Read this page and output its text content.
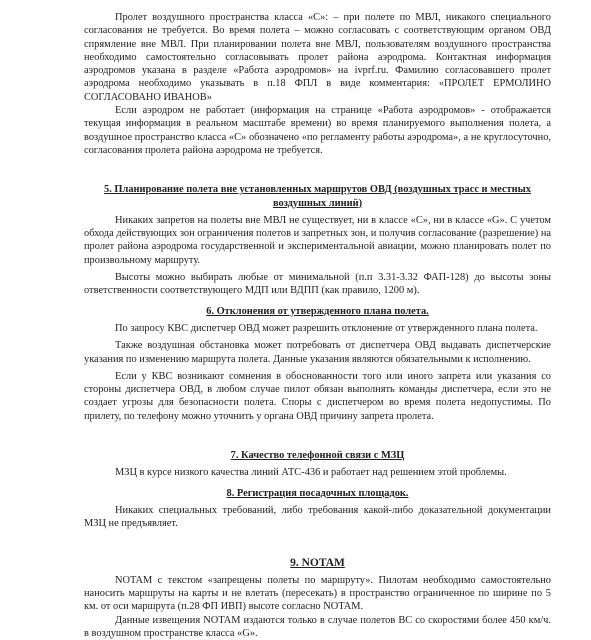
Пролет воздушного пространства класса «С»: – при полете по МВЛ, никакого специального согласования не требуется. Во время полета – можно согласовать с соответствующим органом ОВД спрямление вне МВЛ. При планировании полета вне МВЛ, пользователям воздушного пространства необходимо самостоятельно согласовывать пролет района аэродрома. Контактная информация аэродромов указана в разделе «Работа аэродромов» на ivprf.ru. Фамилию согласовавшего пролет аэродрома необходимо указывать в п.18 ФПЛ в виде комментария: «ПРОЛЕТ ЕРМОЛИНО СОГЛАСОВАНО ИВАНОВ»

Если аэродром не работает (информация на странице «Работа аэродромов» - отображается текущая информация в реальном масштабе времени) во время планируемого выполнения полета, а воздушное пространство класса «С» обозначено «по регламенту работы аэродрома», а не круглосуточно, согласования пролета района аэродрома не требуется.

5. Планирование полета вне установленных маршрутов ОВД (воздушных трасс и местных воздушных линий)

Никаких запретов на полеты вне МВЛ не существует, ни в классе «С», ни в классе «G». С учетом обхода действующих зон ограничения полетов и запретных зон, и получив согласование (разрешение) на пролет района аэродрома государственной и экспериментальной авиации, можно планировать полет по произвольному маршруту.

Высоты можно выбирать любые от минимальной (п.п 3.31-3.32 ФАП-128) до высоты зоны ответственности соответствующего МДП или ВДПП (как правило, 1200 м).

6. Отклонения от утвержденного плана полета.

По запросу КВС диспетчер ОВД может разрешить отклонение от утвержденного плана полета.

Также воздушная обстановка может потребовать от диспетчера ОВД выдавать диспетчерские указания по изменению маршрута полета. Данные указания являются обязательными к исполнению.

Если у КВС возникают сомнения в обоснованности того или иного запрета или указания со стороны диспетчера ОВД, в любом случае пилот обязан выполнять команды диспетчера, если это не создает угрозы для безопасности полета. Споры с диспетчером во время полета недопустимы. По прилету, по телефону можно уточнить у органа ОВД причину запрета пролета.

7. Качество телефонной связи с МЗЦ

МЗЦ в курсе низкого качества линий АТС-436 и работает над решением этой проблемы.

8. Регистрация посадочных площадок.

Никаких специальных требований, либо требования какой-либо доказательной документации МЗЦ не предъявляет.

9. NOTAM

NOTAM с текстом «запрещены полеты по маршруту». Пилотам необходимо самостоятельно наносить маршруты на карты и не влетать (пересекать) в пространство ограниченное по ширине по 5 км. от оси маршрута (п.28 ФП ИВП) высоте согласно NOTAM.

Данные извещения NOTAM издаются только в случае полетов ВС со скоростями более 450 км/ч. в воздушном пространстве класса «G».
